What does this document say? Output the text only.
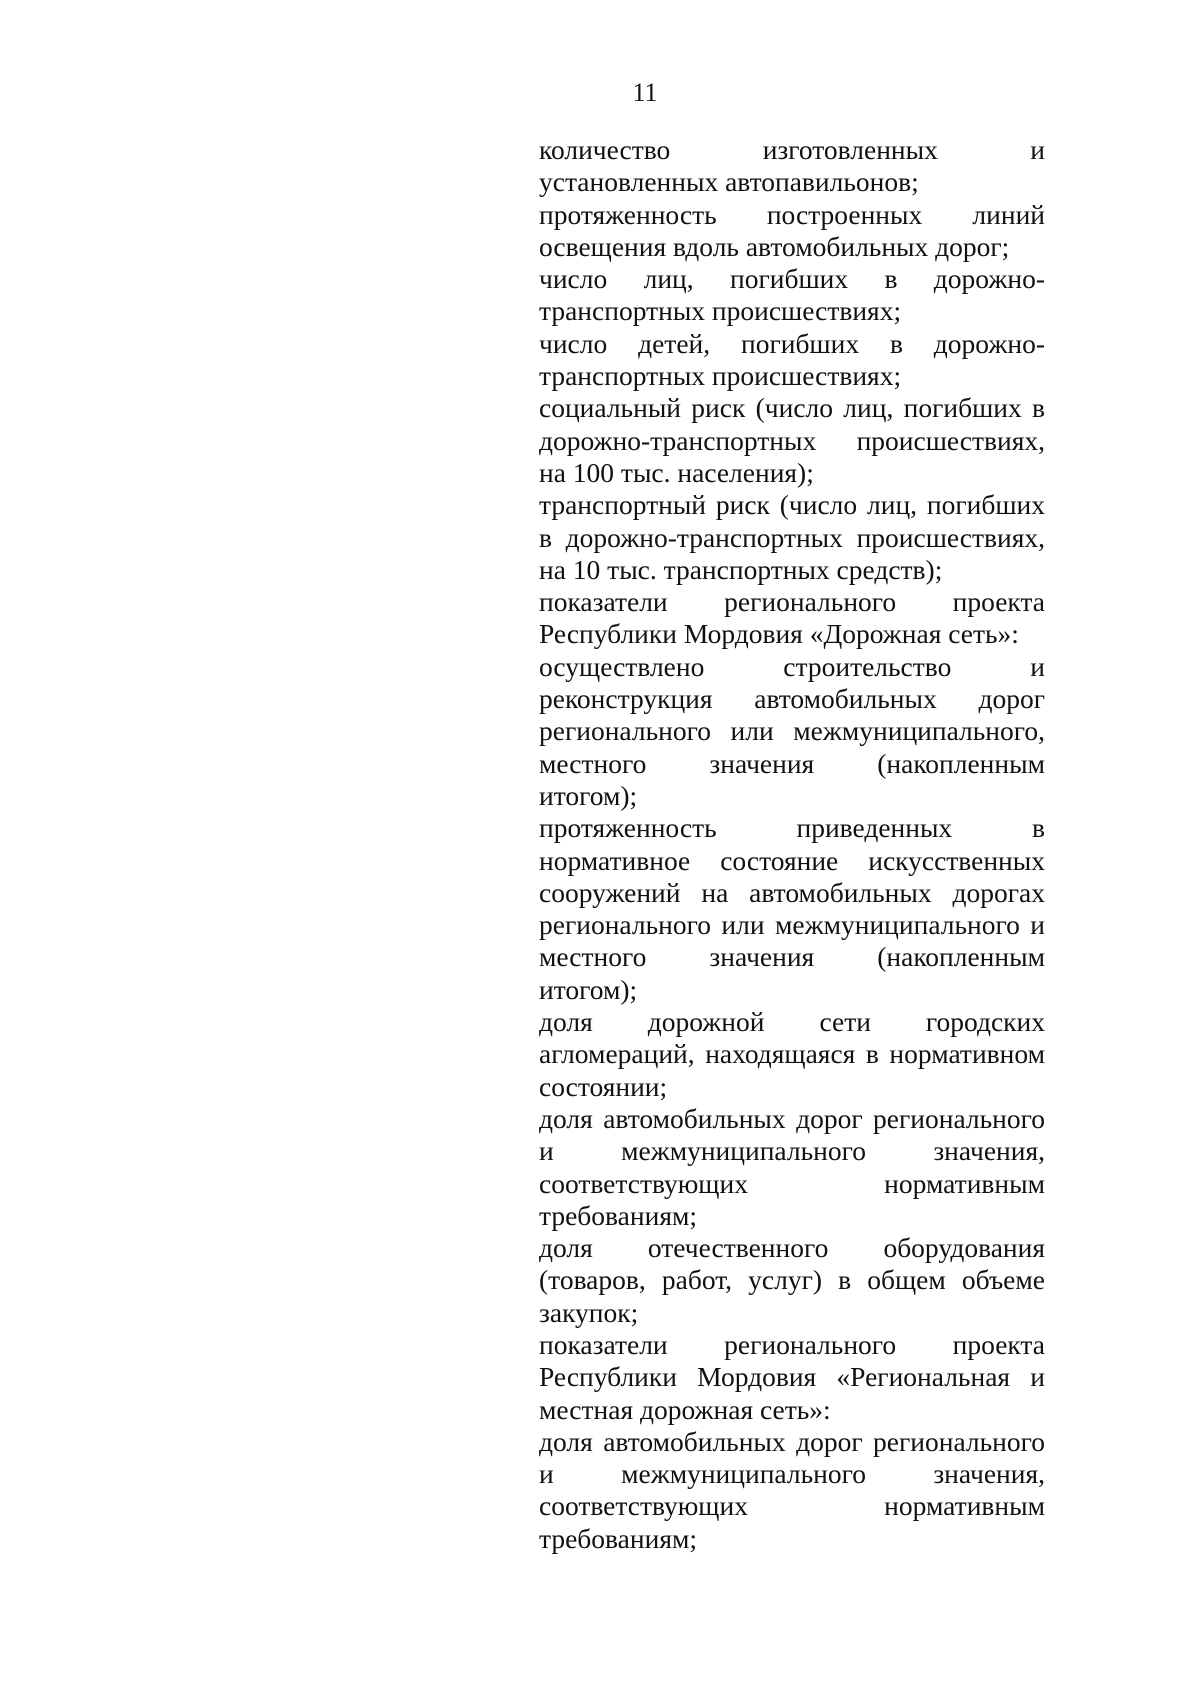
11

количество изготовленных и
установленных автопавильонов;

протяженность построенных линий
освещения вдоль автомобильных дорог;

число лиц, погибших в дорожно-
транспортных происшествиях;

число детей, погибших в дорожно-
транспортных происшествиях;

социальный риск (число лиц, погибших в
дорожно-транспортных происшествиях,
на 100 тыс. населения);

транспортный риск (число лиц, погибших
в дорожно-транспортных происшествиях,
на 10 тыс. транспортных средств);

показатели регионального проекта
Республики Мордовия «Дорожная сеть»:

осуществлено строительство и
реконструкция автомобильных дорог
регионального или межмуниципального,
местного значения (накопленным
итогом);

протяженность приведенных в
нормативное состояние искусственных
сооружений на автомобильных дорогах
регионального или межмуниципального и
местного значения (накопленным
итогом);

доля дорожной сети городских
агломераций, находящаяся в нормативном
состоянии;

доля автомобильных дорог регионального
и межмуниципального значения,
соответствующих нормативным
требованиям;

доля отечественного оборудования
(товаров, работ, услуг) в общем объеме
закупок;

показатели регионального проекта
Республики Мордовия «Региональная и
местная дорожная сеть»:

доля автомобильных дорог регионального
и межмуниципального значения,
соответствующих нормативным
требованиям;
